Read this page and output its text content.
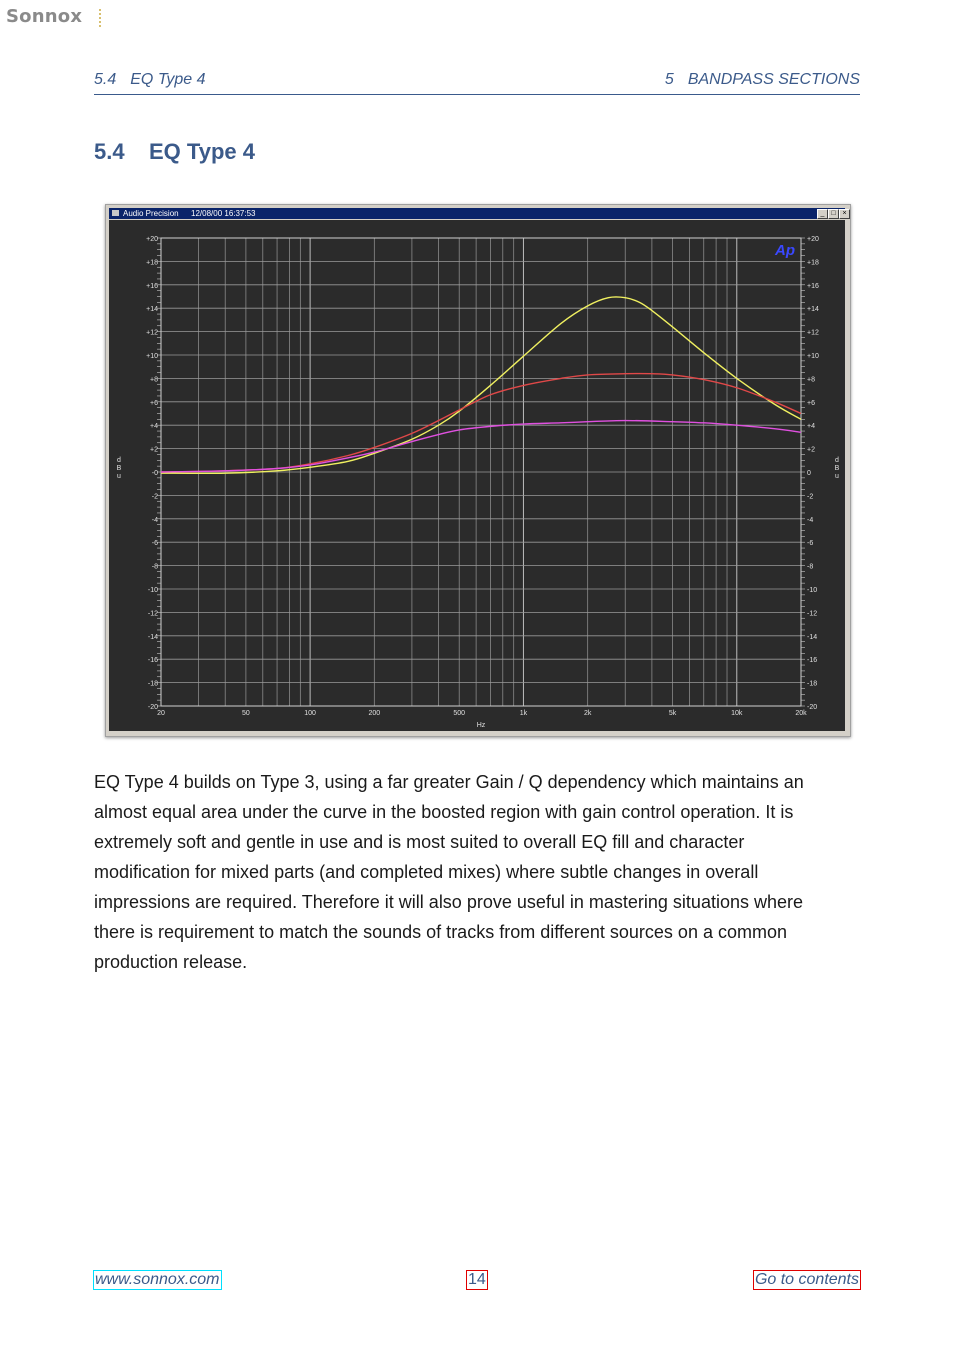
Sonnox
5.4 EQ Type 4	5 BANDPASS SECTIONS
5.4 EQ Type 4
Audio Precision 12/08/00 16:37:53	_ □ ×
+20
+18
+16
+14
+12
+10
+8
+6
+4
+2
-0
-2
-4
-6
-8
-10
-12
-14
-16
-18
-20
+20
+18
+16
+14
+12
+10
+8
+6
+4
+2
0
-2
-4
-6
-8
-10
-12
-14
-16
-18
-20
20	50	100	200	500	1k	2k	5k	10k	20k
Hz
d B u
d B u
Ap
EQ Type 4 builds on Type 3, using a far greater Gain / Q dependency which maintains an
almost equal area under the curve in the boosted region with gain control operation. It is
extremely soft and gentle in use and is most suited to overall EQ fill and character
modification for mixed parts (and completed mixes) where subtle changes in overall
impressions are required. Therefore it will also prove useful in mastering situations where
there is requirement to match the sounds of tracks from different sources on a common
production release.
www.sonnox.com	14	Go to contents
